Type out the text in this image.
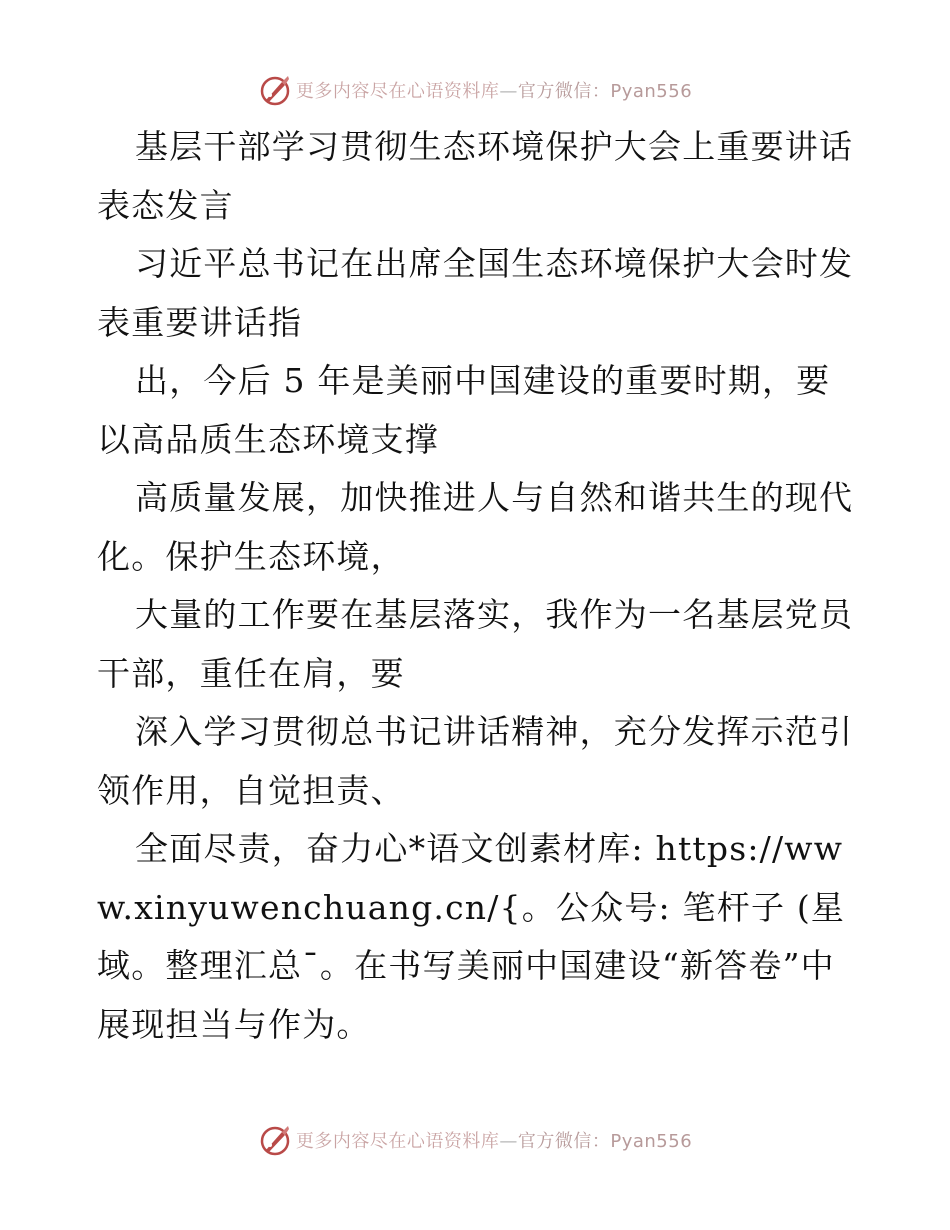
更多内容尽在心语资料库—官方微信：Pyan556

基层干部学习贯彻生态环境保护大会上重要讲话表态发言

习近平总书记在出席全国生态环境保护大会时发表重要讲话指

出，今后 5 年是美丽中国建设的重要时期，要以高品质生态环境支撑

高质量发展，加快推进人与自然和谐共生的现代化。保护生态环境，

大量的工作要在基层落实，我作为一名基层党员干部，重任在肩，要

深入学习贯彻总书记讲话精神，充分发挥示范引领作用，自觉担责、

全面尽责，奋力心*语文创素材库: https://www.xinyuwenchuang.cn/{。公众号: 笔杆子 (星域。整理汇总¯。在书写美丽中国建设“新答卷”中展现担当与作为。

更多内容尽在心语资料库—官方微信：Pyan556
